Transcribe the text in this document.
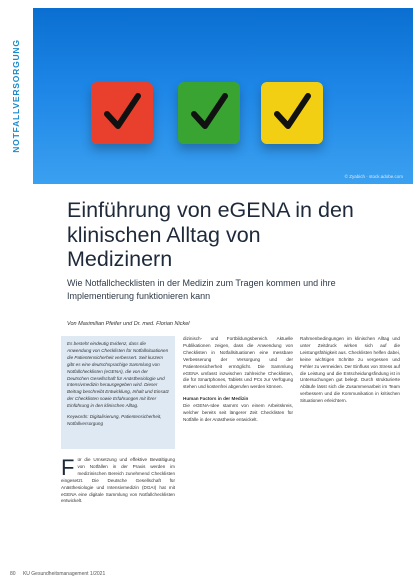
© Zyabich · stock.adobe.com
NOTFALLVERSORGUNG
Einführung von eGENA in den klinischen Alltag von Medizinern
Wie Notfallchecklisten in der Medizin zum Tragen kommen und ihre Implementierung funktionieren kann
Von Maximilian Pfeifer und Dr. med. Florian Nickel

Es besteht eindeutig Evidenz, dass die Anwendung von Checklisten für Notfallsituationen die Patientensicherheit verbessert. Seit kurzem gibt es eine deutschsprachige Sammlung von Notfallchecklisten (eGENA), die von der Deutschen Gesellschaft für Anästhesiologie und Intensivmedizin herausgegeben wird. Dieser Beitrag beschreibt Entwicklung, Inhalt und Einsatz der Checklisten sowie Erfahrungen mit ihrer Einführung in den klinischen Alltag.

Keywords: Digitalisierung, Patientensicherheit, Notfallversorgung

F ür die Umsetzung und effektive Bewältigung von Notfällen in der Praxis werden im medizinischen Bereich zunehmend Checklisten eingesetzt. Die Deutsche Gesellschaft für Anästhesiologie und Intensivmedizin (DGAI) hat mit eGENA eine digitale Sammlung von Notfallchecklisten entwickelt.
dizinisch- und Fortbildungsbereich. Aktuelle Publikationen zeigen, dass die Anwendung von Checklisten in Notfallsituationen eine messbare Verbesserung der Versorgung und der Patientensicherheit ermöglicht. Die Sammlung eGENA umfasst inzwischen zahlreiche Checklisten, die für Smartphones, Tablets und PCs zur Verfügung stehen und kostenfrei abgerufen werden können.
Human Factors in der Medizin
Die eGENA-Idee stammt von einem Arbeitskreis, welcher bereits seit längerer Zeit Checklisten für Notfälle in der Anästhesie entwickelt.
Rahmenbedingungen im klinischen Alltag und unter Zeitdruck wirken sich auf die Leistungsfähigkeit aus. Checklisten helfen dabei, keine wichtigen Schritte zu vergessen und Fehler zu vermeiden. Der Einfluss von Stress auf die Leistung und die Entscheidungsfindung ist in Untersuchungen gut belegt. Durch strukturierte Abläufe lässt sich die Zusammenarbeit im Team verbessern und die Kommunikation in kritischen Situationen erleichtern.
80 KU Gesundheitsmanagement 1/2021
